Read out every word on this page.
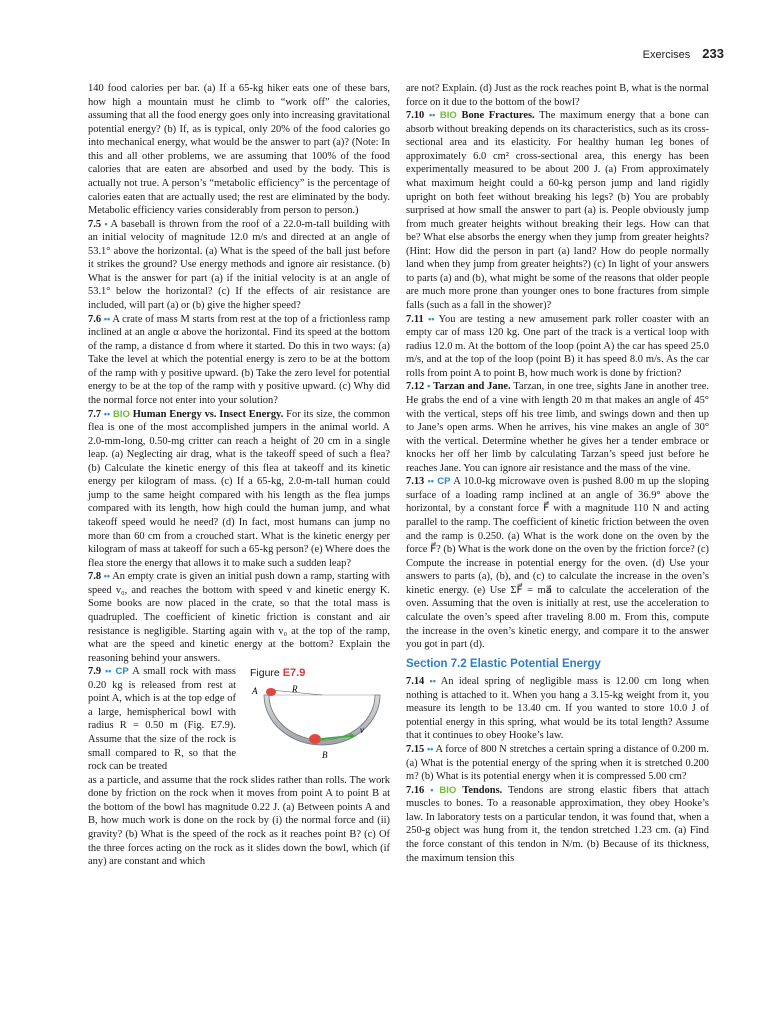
Exercises 233

140 food calories per bar. (a) If a 65-kg hiker eats one of these bars, how high a mountain must he climb to “work off” the calories, assuming that all the food energy goes only into increasing gravitational potential energy? (b) If, as is typical, only 20% of the food calories go into mechanical energy, what would be the answer to part (a)? (Note: In this and all other problems, we are assuming that 100% of the food calories that are eaten are absorbed and used by the body. This is actually not true. A person’s “metabolic efficiency” is the percentage of calories eaten that are actually used; the rest are eliminated by the body. Metabolic efficiency varies considerably from person to person.)

7.5 • A baseball is thrown from the roof of a 22.0-m-tall building with an initial velocity of magnitude 12.0 m/s and directed at an angle of 53.1° above the horizontal. (a) What is the speed of the ball just before it strikes the ground? Use energy methods and ignore air resistance. (b) What is the answer for part (a) if the initial velocity is at an angle of 53.1° below the horizontal? (c) If the effects of air resistance are included, will part (a) or (b) give the higher speed?

7.6 •• A crate of mass M starts from rest at the top of a frictionless ramp inclined at an angle α above the horizontal. Find its speed at the bottom of the ramp, a distance d from where it started. Do this in two ways: (a) Take the level at which the potential energy is zero to be at the bottom of the ramp with y positive upward. (b) Take the zero level for potential energy to be at the top of the ramp with y positive upward. (c) Why did the normal force not enter into your solution?

7.7 •• BIO Human Energy vs. Insect Energy. For its size, the common flea is one of the most accomplished jumpers in the animal world. A 2.0-mm-long, 0.50-mg critter can reach a height of 20 cm in a single leap. (a) Neglecting air drag, what is the takeoff speed of such a flea? (b) Calculate the kinetic energy of this flea at takeoff and its kinetic energy per kilogram of mass. (c) If a 65-kg, 2.0-m-tall human could jump to the same height compared with his length as the flea jumps compared with its length, how high could the human jump, and what takeoff speed would he need? (d) In fact, most humans can jump no more than 60 cm from a crouched start. What is the kinetic energy per kilogram of mass at takeoff for such a 65-kg person? (e) Where does the flea store the energy that allows it to make such a sudden leap?

7.8 •• An empty crate is given an initial push down a ramp, starting with speed v₀, and reaches the bottom with speed v and kinetic energy K. Some books are now placed in the crate, so that the total mass is quadrupled. The coefficient of kinetic friction is constant and air resistance is negligible. Starting again with v₀ at the top of the ramp, what are the speed and kinetic energy at the bottom? Explain the reasoning behind your answers.

7.9 •• CP A small rock with mass 0.20 kg is released from rest at point A, which is at the top edge of a large, hemispherical bowl with radius R = 0.50 m (Fig. E7.9). Assume that the size of the rock is small compared to R, so that the rock can be treated

Figure E7.9
A	R
v
B

as a particle, and assume that the rock slides rather than rolls. The work done by friction on the rock when it moves from point A to point B at the bottom of the bowl has magnitude 0.22 J. (a) Between points A and B, how much work is done on the rock by (i) the normal force and (ii) gravity? (b) What is the speed of the rock as it reaches point B? (c) Of the three forces acting on the rock as it slides down the bowl, which (if any) are constant and which

are not? Explain. (d) Just as the rock reaches point B, what is the normal force on it due to the bottom of the bowl?

7.10 •• BIO Bone Fractures. The maximum energy that a bone can absorb without breaking depends on its characteristics, such as its cross-sectional area and its elasticity. For healthy human leg bones of approximately 6.0 cm² cross-sectional area, this energy has been experimentally measured to be about 200 J. (a) From approximately what maximum height could a 60-kg person jump and land rigidly upright on both feet without breaking his legs? (b) You are probably surprised at how small the answer to part (a) is. People obviously jump from much greater heights without breaking their legs. How can that be? What else absorbs the energy when they jump from greater heights? (Hint: How did the person in part (a) land? How do people normally land when they jump from greater heights?) (c) In light of your answers to parts (a) and (b), what might be some of the reasons that older people are much more prone than younger ones to bone fractures from simple falls (such as a fall in the shower)?

7.11 •• You are testing a new amusement park roller coaster with an empty car of mass 120 kg. One part of the track is a vertical loop with radius 12.0 m. At the bottom of the loop (point A) the car has speed 25.0 m/s, and at the top of the loop (point B) it has speed 8.0 m/s. As the car rolls from point A to point B, how much work is done by friction?

7.12 • Tarzan and Jane. Tarzan, in one tree, sights Jane in another tree. He grabs the end of a vine with length 20 m that makes an angle of 45° with the vertical, steps off his tree limb, and swings down and then up to Jane’s open arms. When he arrives, his vine makes an angle of 30° with the vertical. Determine whether he gives her a tender embrace or knocks her off her limb by calculating Tarzan’s speed just before he reaches Jane. You can ignore air resistance and the mass of the vine.

7.13 •• CP A 10.0-kg microwave oven is pushed 8.00 m up the sloping surface of a loading ramp inclined at an angle of 36.9° above the horizontal, by a constant force F⃗ with a magnitude 110 N and acting parallel to the ramp. The coefficient of kinetic friction between the oven and the ramp is 0.250. (a) What is the work done on the oven by the force F⃗? (b) What is the work done on the oven by the friction force? (c) Compute the increase in potential energy for the oven. (d) Use your answers to parts (a), (b), and (c) to calculate the increase in the oven’s kinetic energy. (e) Use ΣF⃗ = ma⃗ to calculate the acceleration of the oven. Assuming that the oven is initially at rest, use the acceleration to calculate the oven’s speed after traveling 8.00 m. From this, compute the increase in the oven’s kinetic energy, and compare it to the answer you got in part (d).

Section 7.2 Elastic Potential Energy

7.14 •• An ideal spring of negligible mass is 12.00 cm long when nothing is attached to it. When you hang a 3.15-kg weight from it, you measure its length to be 13.40 cm. If you wanted to store 10.0 J of potential energy in this spring, what would be its total length? Assume that it continues to obey Hooke’s law.

7.15 •• A force of 800 N stretches a certain spring a distance of 0.200 m. (a) What is the potential energy of the spring when it is stretched 0.200 m? (b) What is its potential energy when it is compressed 5.00 cm?

7.16 • BIO Tendons. Tendons are strong elastic fibers that attach muscles to bones. To a reasonable approximation, they obey Hooke’s law. In laboratory tests on a particular tendon, it was found that, when a 250-g object was hung from it, the tendon stretched 1.23 cm. (a) Find the force constant of this tendon in N/m. (b) Because of its thickness, the maximum tension this
